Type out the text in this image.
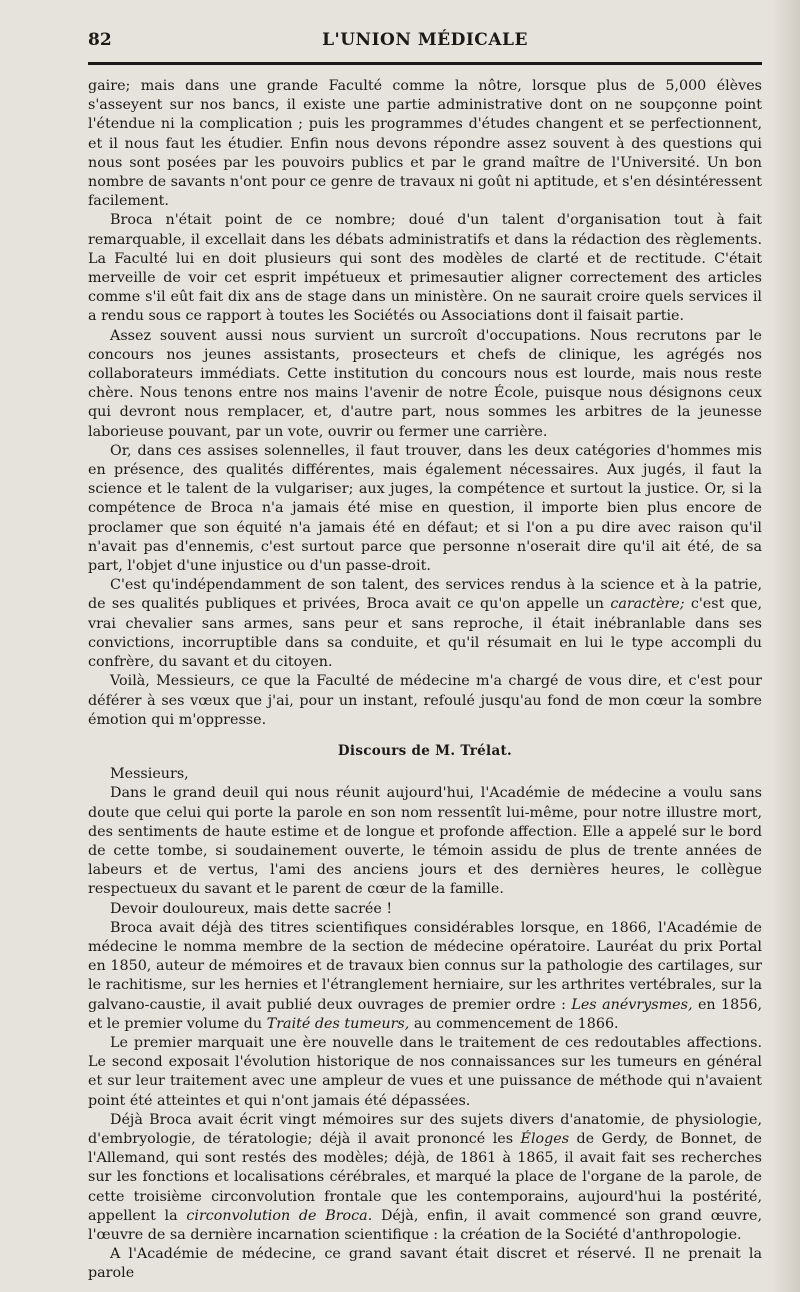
82	L'UNION MÉDICALE

gaire; mais dans une grande Faculté comme la nôtre, lorsque plus de 5,000 élèves s'asseyent sur nos bancs, il existe une partie administrative dont on ne soupçonne point l'étendue ni la complication ; puis les programmes d'études changent et se perfectionnent, et il nous faut les étudier. Enfin nous devons répondre assez souvent à des questions qui nous sont posées par les pouvoirs publics et par le grand maître de l'Université. Un bon nombre de savants n'ont pour ce genre de travaux ni goût ni aptitude, et s'en désintéressent facilement.

Broca n'était point de ce nombre; doué d'un talent d'organisation tout à fait remarquable, il excellait dans les débats administratifs et dans la rédaction des règlements. La Faculté lui en doit plusieurs qui sont des modèles de clarté et de rectitude. C'était merveille de voir cet esprit impétueux et primesautier aligner correctement des articles comme s'il eût fait dix ans de stage dans un ministère. On ne saurait croire quels services il a rendu sous ce rapport à toutes les Sociétés ou Associations dont il faisait partie.

Assez souvent aussi nous survient un surcroît d'occupations. Nous recrutons par le concours nos jeunes assistants, prosecteurs et chefs de clinique, les agrégés nos collaborateurs immédiats. Cette institution du concours nous est lourde, mais nous reste chère. Nous tenons entre nos mains l'avenir de notre École, puisque nous désignons ceux qui devront nous remplacer, et, d'autre part, nous sommes les arbitres de la jeunesse laborieuse pouvant, par un vote, ouvrir ou fermer une carrière.

Or, dans ces assises solennelles, il faut trouver, dans les deux catégories d'hommes mis en présence, des qualités différentes, mais également nécessaires. Aux jugés, il faut la science et le talent de la vulgariser; aux juges, la compétence et surtout la justice. Or, si la compétence de Broca n'a jamais été mise en question, il importe bien plus encore de proclamer que son équité n'a jamais été en défaut; et si l'on a pu dire avec raison qu'il n'avait pas d'ennemis, c'est surtout parce que personne n'oserait dire qu'il ait été, de sa part, l'objet d'une injustice ou d'un passe-droit.

C'est qu'indépendamment de son talent, des services rendus à la science et à la patrie, de ses qualités publiques et privées, Broca avait ce qu'on appelle un caractère; c'est que, vrai chevalier sans armes, sans peur et sans reproche, il était inébranlable dans ses convictions, incorruptible dans sa conduite, et qu'il résumait en lui le type accompli du confrère, du savant et du citoyen.

Voilà, Messieurs, ce que la Faculté de médecine m'a chargé de vous dire, et c'est pour déférer à ses vœux que j'ai, pour un instant, refoulé jusqu'au fond de mon cœur la sombre émotion qui m'oppresse.

Discours de M. Trélat.

Messieurs,

Dans le grand deuil qui nous réunit aujourd'hui, l'Académie de médecine a voulu sans doute que celui qui porte la parole en son nom ressentît lui-même, pour notre illustre mort, des sentiments de haute estime et de longue et profonde affection. Elle a appelé sur le bord de cette tombe, si soudainement ouverte, le témoin assidu de plus de trente années de labeurs et de vertus, l'ami des anciens jours et des dernières heures, le collègue respectueux du savant et le parent de cœur de la famille.

Devoir douloureux, mais dette sacrée !

Broca avait déjà des titres scientifiques considérables lorsque, en 1866, l'Académie de médecine le nomma membre de la section de médecine opératoire. Lauréat du prix Portal en 1850, auteur de mémoires et de travaux bien connus sur la pathologie des cartilages, sur le rachitisme, sur les hernies et l'étranglement herniaire, sur les arthrites vertébrales, sur la galvano-caustie, il avait publié deux ouvrages de premier ordre : Les anévrysmes, en 1856, et le premier volume du Traité des tumeurs, au commencement de 1866.

Le premier marquait une ère nouvelle dans le traitement de ces redoutables affections. Le second exposait l'évolution historique de nos connaissances sur les tumeurs en général et sur leur traitement avec une ampleur de vues et une puissance de méthode qui n'avaient point été atteintes et qui n'ont jamais été dépassées.

Déjà Broca avait écrit vingt mémoires sur des sujets divers d'anatomie, de physiologie, d'embryologie, de tératologie; déjà il avait prononcé les Éloges de Gerdy, de Bonnet, de l'Allemand, qui sont restés des modèles; déjà, de 1861 à 1865, il avait fait ses recherches sur les fonctions et localisations cérébrales, et marqué la place de l'organe de la parole, de cette troisième circonvolution frontale que les contemporains, aujourd'hui la postérité, appellent la circonvolution de Broca. Déjà, enfin, il avait commencé son grand œuvre, l'œuvre de sa dernière incarnation scientifique : la création de la Société d'anthropologie.

A l'Académie de médecine, ce grand savant était discret et réservé. Il ne prenait la parole
